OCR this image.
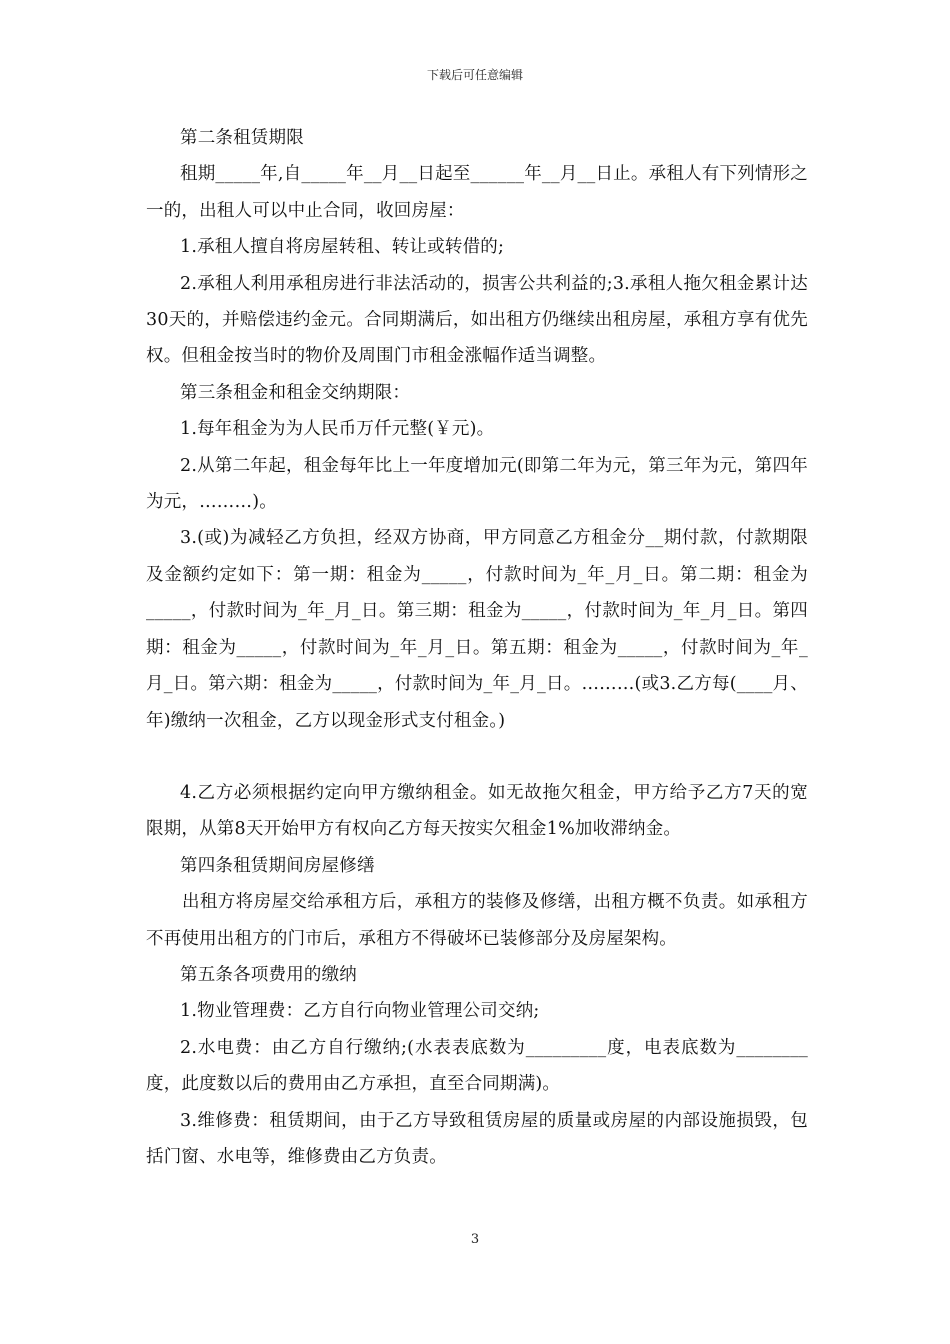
下载后可任意编辑

第二条租赁期限

租期_____年,自_____年__月__日起至______年__月__日止。承租人有下列情形之一的，出租人可以中止合同，收回房屋：

1.承租人擅自将房屋转租、转让或转借的;

2.承租人利用承租房进行非法活动的，损害公共利益的;3.承租人拖欠租金累计达30天的，并赔偿违约金元。合同期满后，如出租方仍继续出租房屋，承租方享有优先权。但租金按当时的物价及周围门市租金涨幅作适当调整。

第三条租金和租金交纳期限：

1.每年租金为为人民币万仟元整(￥元)。

2.从第二年起，租金每年比上一年度增加元(即第二年为元，第三年为元，第四年为元，………)。

3.(或)为减轻乙方负担，经双方协商，甲方同意乙方租金分__期付款，付款期限及金额约定如下：第一期：租金为_____，付款时间为_年_月_日。第二期：租金为_____，付款时间为_年_月_日。第三期：租金为_____，付款时间为_年_月_日。第四期：租金为_____，付款时间为_年_月_日。第五期：租金为_____，付款时间为_年_月_日。第六期：租金为_____，付款时间为_年_月_日。………(或3.乙方每(____月、年)缴纳一次租金，乙方以现金形式支付租金。)

4.乙方必须根据约定向甲方缴纳租金。如无故拖欠租金，甲方给予乙方7天的宽限期，从第8天开始甲方有权向乙方每天按实欠租金1%加收滞纳金。

第四条租赁期间房屋修缮

出租方将房屋交给承租方后，承租方的装修及修缮，出租方概不负责。如承租方不再使用出租方的门市后，承租方不得破坏已装修部分及房屋架构。

第五条各项费用的缴纳

1.物业管理费：乙方自行向物业管理公司交纳;

2.水电费：由乙方自行缴纳;(水表表底数为_________度，电表底数为________度，此度数以后的费用由乙方承担，直至合同期满)。

3.维修费：租赁期间，由于乙方导致租赁房屋的质量或房屋的内部设施损毁，包括门窗、水电等，维修费由乙方负责。

3
